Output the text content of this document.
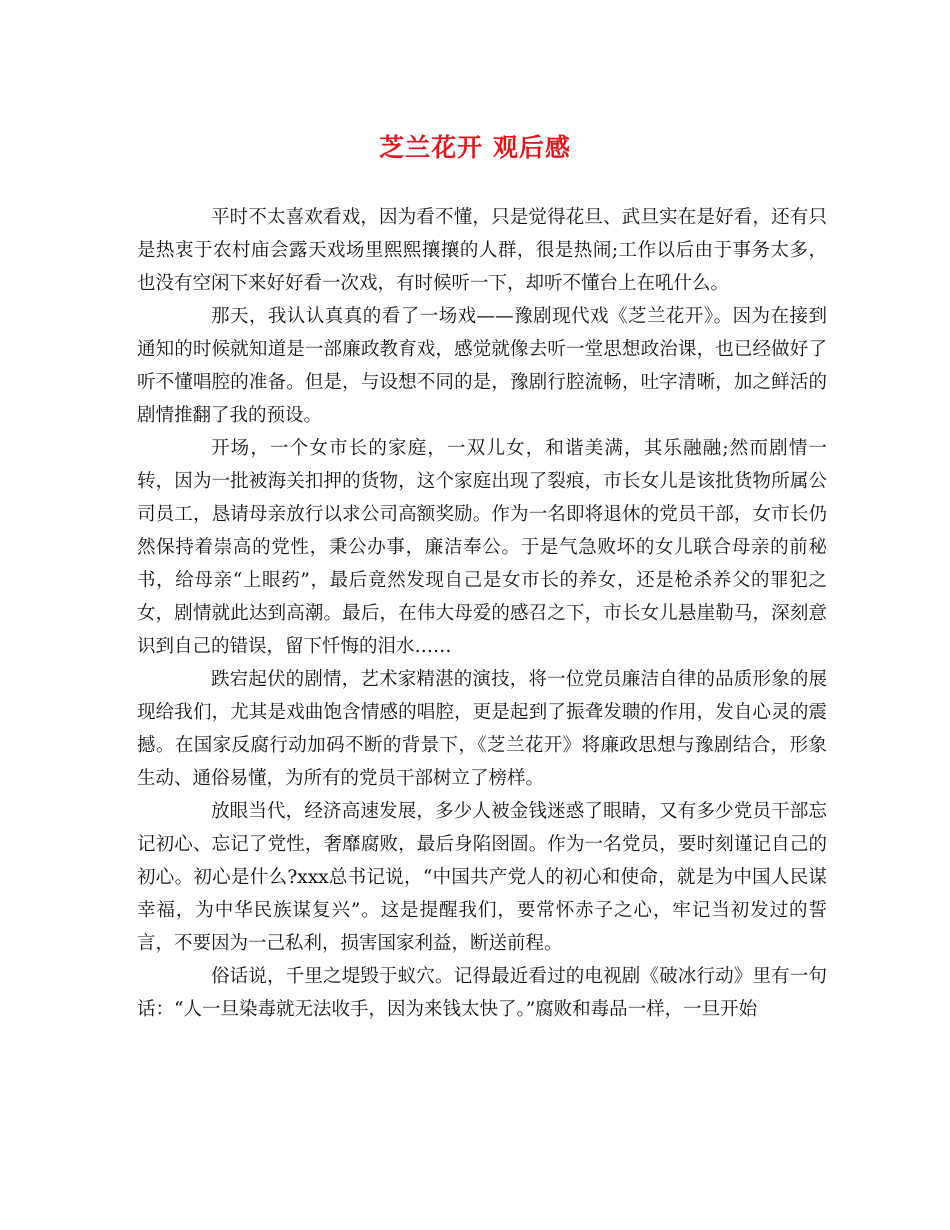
芝兰花开 观后感

平时不太喜欢看戏，因为看不懂，只是觉得花旦、武旦实在是好看，还有只是热衷于农村庙会露天戏场里熙熙攘攘的人群，很是热闹;工作以后由于事务太多，也没有空闲下来好好看一次戏，有时候听一下，却听不懂台上在吼什么。

那天，我认认真真的看了一场戏——豫剧现代戏《芝兰花开》。因为在接到通知的时候就知道是一部廉政教育戏，感觉就像去听一堂思想政治课，也已经做好了听不懂唱腔的准备。但是，与设想不同的是，豫剧行腔流畅，吐字清晰，加之鲜活的剧情推翻了我的预设。

开场，一个女市长的家庭，一双儿女，和谐美满，其乐融融;然而剧情一转，因为一批被海关扣押的货物，这个家庭出现了裂痕，市长女儿是该批货物所属公司员工，恳请母亲放行以求公司高额奖励。作为一名即将退休的党员干部，女市长仍然保持着崇高的党性，秉公办事，廉洁奉公。于是气急败坏的女儿联合母亲的前秘书，给母亲“上眼药”，最后竟然发现自己是女市长的养女，还是枪杀养父的罪犯之女，剧情就此达到高潮。最后，在伟大母爱的感召之下，市长女儿悬崖勒马，深刻意识到自己的错误，留下忏悔的泪水……

跌宕起伏的剧情，艺术家精湛的演技，将一位党员廉洁自律的品质形象的展现给我们，尤其是戏曲饱含情感的唱腔，更是起到了振聋发聩的作用，发自心灵的震撼。在国家反腐行动加码不断的背景下，《芝兰花开》将廉政思想与豫剧结合，形象生动、通俗易懂，为所有的党员干部树立了榜样。

放眼当代，经济高速发展，多少人被金钱迷惑了眼睛，又有多少党员干部忘记初心、忘记了党性，奢靡腐败，最后身陷囹圄。作为一名党员，要时刻谨记自己的初心。初心是什么?xxx总书记说，“中国共产党人的初心和使命，就是为中国人民谋幸福，为中华民族谋复兴”。这是提醒我们，要常怀赤子之心，牢记当初发过的誓言，不要因为一己私利，损害国家利益，断送前程。

俗话说，千里之堤毁于蚁穴。记得最近看过的电视剧《破冰行动》里有一句话：“人一旦染毒就无法收手，因为来钱太快了。”腐败和毒品一样，一旦开始
